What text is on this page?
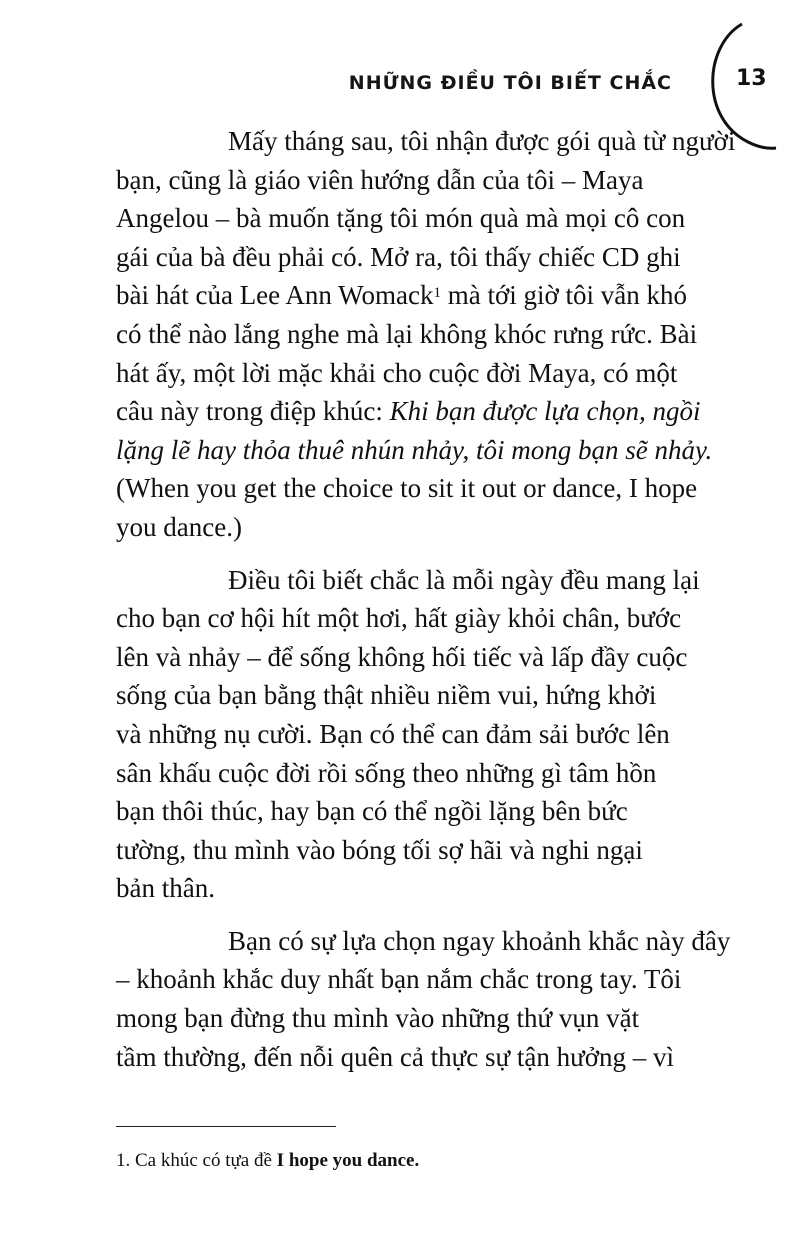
NHỮNG ĐIỀU TÔI BIẾT CHẮC	13

Mấy tháng sau, tôi nhận được gói quà từ người
bạn, cũng là giáo viên hướng dẫn của tôi – Maya
Angelou – bà muốn tặng tôi món quà mà mọi cô con
gái của bà đều phải có. Mở ra, tôi thấy chiếc CD ghi
bài hát của Lee Ann Womack$^1$ mà tới giờ tôi vẫn khó
có thể nào lắng nghe mà lại không khóc rưng rức. Bài
hát ấy, một lời mặc khải cho cuộc đời Maya, có một
câu này trong điệp khúc: Khi bạn được lựa chọn, ngồi
lặng lẽ hay thỏa thuê nhún nhảy, tôi mong bạn sẽ nhảy.
(When you get the choice to sit it out or dance, I hope
you dance.)

Điều tôi biết chắc là mỗi ngày đều mang lại
cho bạn cơ hội hít một hơi, hất giày khỏi chân, bước
lên và nhảy – để sống không hối tiếc và lấp đầy cuộc
sống của bạn bằng thật nhiều niềm vui, hứng khởi
và những nụ cười. Bạn có thể can đảm sải bước lên
sân khấu cuộc đời rồi sống theo những gì tâm hồn
bạn thôi thúc, hay bạn có thể ngồi lặng bên bức
tường, thu mình vào bóng tối sợ hãi và nghi ngại
bản thân.

Bạn có sự lựa chọn ngay khoảnh khắc này đây
– khoảnh khắc duy nhất bạn nắm chắc trong tay. Tôi
mong bạn đừng thu mình vào những thứ vụn vặt
tầm thường, đến nỗi quên cả thực sự tận hưởng – vì

1. Ca khúc có tựa đề I hope you dance.
